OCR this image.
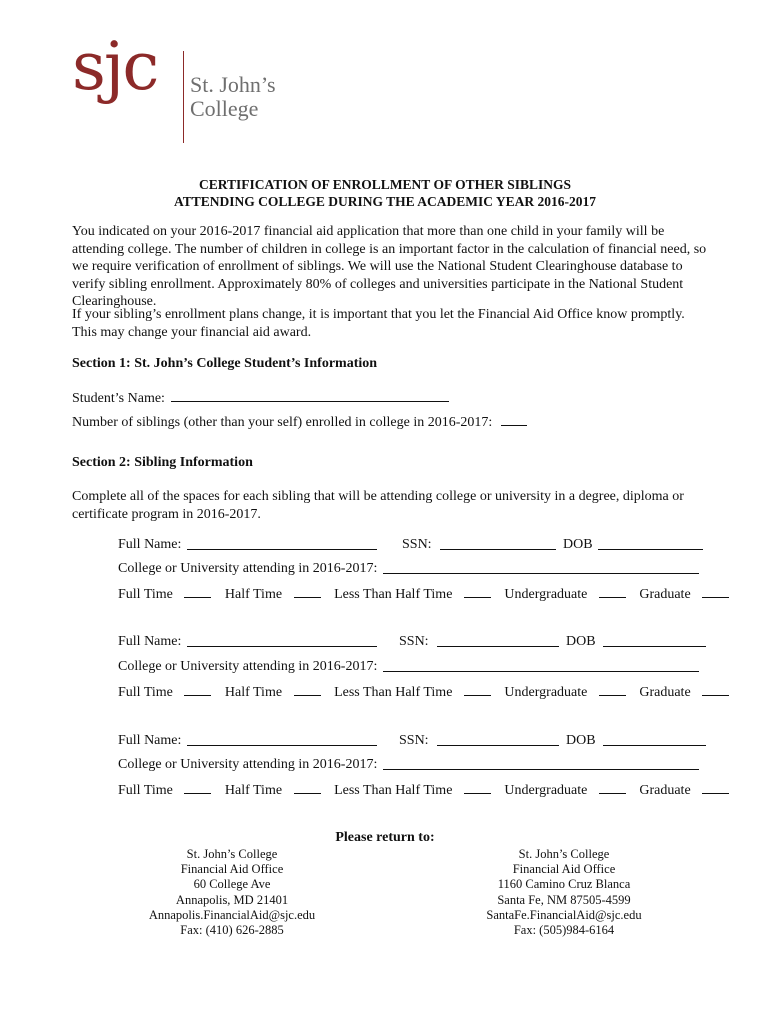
sjc St. John’s
College
CERTIFICATION OF ENROLLMENT OF OTHER SIBLINGS
ATTENDING COLLEGE DURING THE ACADEMIC YEAR 2016-2017
You indicated on your 2016-2017 financial aid application that more than one child in your family will be attending college. The number of children in college is an important factor in the calculation of financial need, so we require verification of enrollment of siblings. We will use the National Student Clearinghouse database to verify sibling enrollment. Approximately 80% of colleges and universities participate in the National Student Clearinghouse.
If your sibling’s enrollment plans change, it is important that you let the Financial Aid Office know promptly. This may change your financial aid award.
Section 1: St. John’s College Student’s Information
Student’s Name:
Number of siblings (other than your self) enrolled in college in 2016-2017:
Section 2: Sibling Information
Complete all of the spaces for each sibling that will be attending college or university in a degree, diploma or certificate program in 2016-2017.
Full Name:	SSN:	DOB
College or University attending in 2016-2017:
Full Time	Half Time	Less Than Half Time	Undergraduate	Graduate
Full Name:	SSN:	DOB
College or University attending in 2016-2017:
Full Time	Half Time	Less Than Half Time	Undergraduate	Graduate
Full Name:	SSN:	DOB
College or University attending in 2016-2017:
Full Time	Half Time	Less Than Half Time	Undergraduate	Graduate
Please return to:
St. John’s College
Financial Aid Office
60 College Ave
Annapolis, MD 21401
Annapolis.FinancialAid@sjc.edu
Fax: (410) 626-2885
St. John’s College
Financial Aid Office
1160 Camino Cruz Blanca
Santa Fe, NM 87505-4599
SantaFe.FinancialAid@sjc.edu
Fax: (505)984-6164
